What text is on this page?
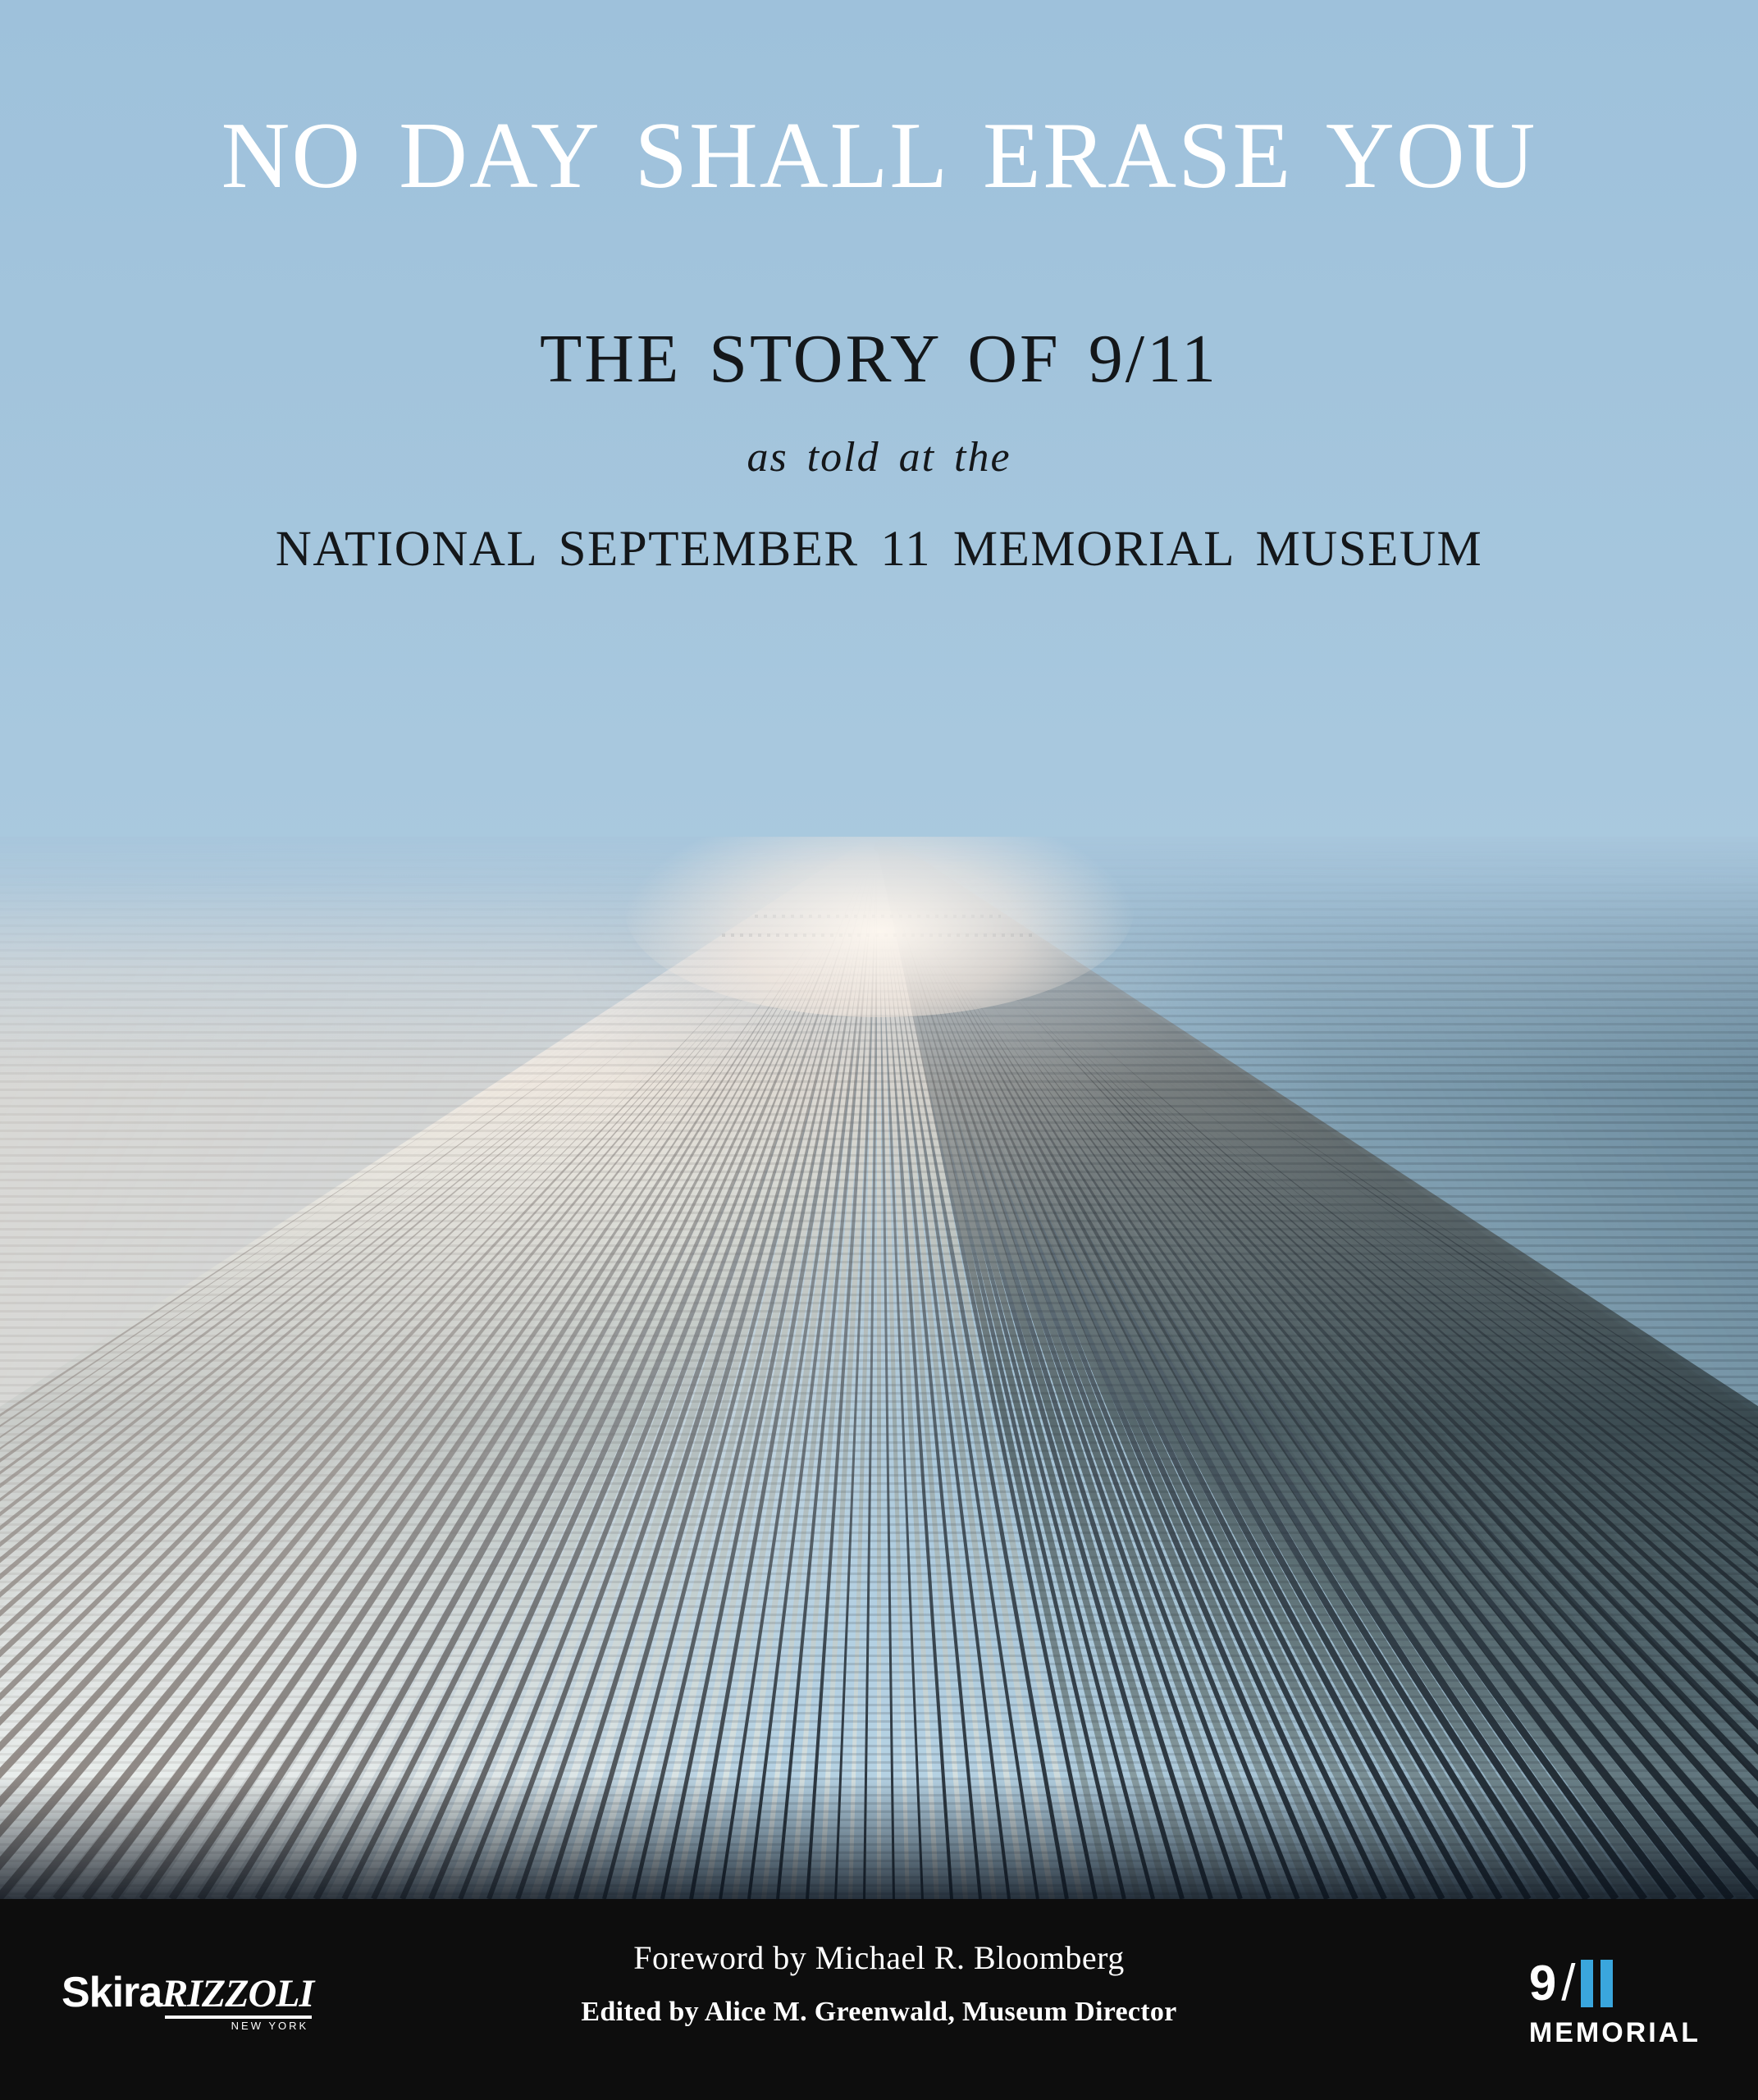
NO DAY SHALL ERASE YOU
THE STORY OF 9/11

as told at the

NATIONAL SEPTEMBER 11 MEMORIAL MUSEUM

Skira RIZZOLI
NEW YORK

Foreword by Michael R. Bloomberg

Edited by Alice M. Greenwald, Museum Director

9 /
MEMORIAL
